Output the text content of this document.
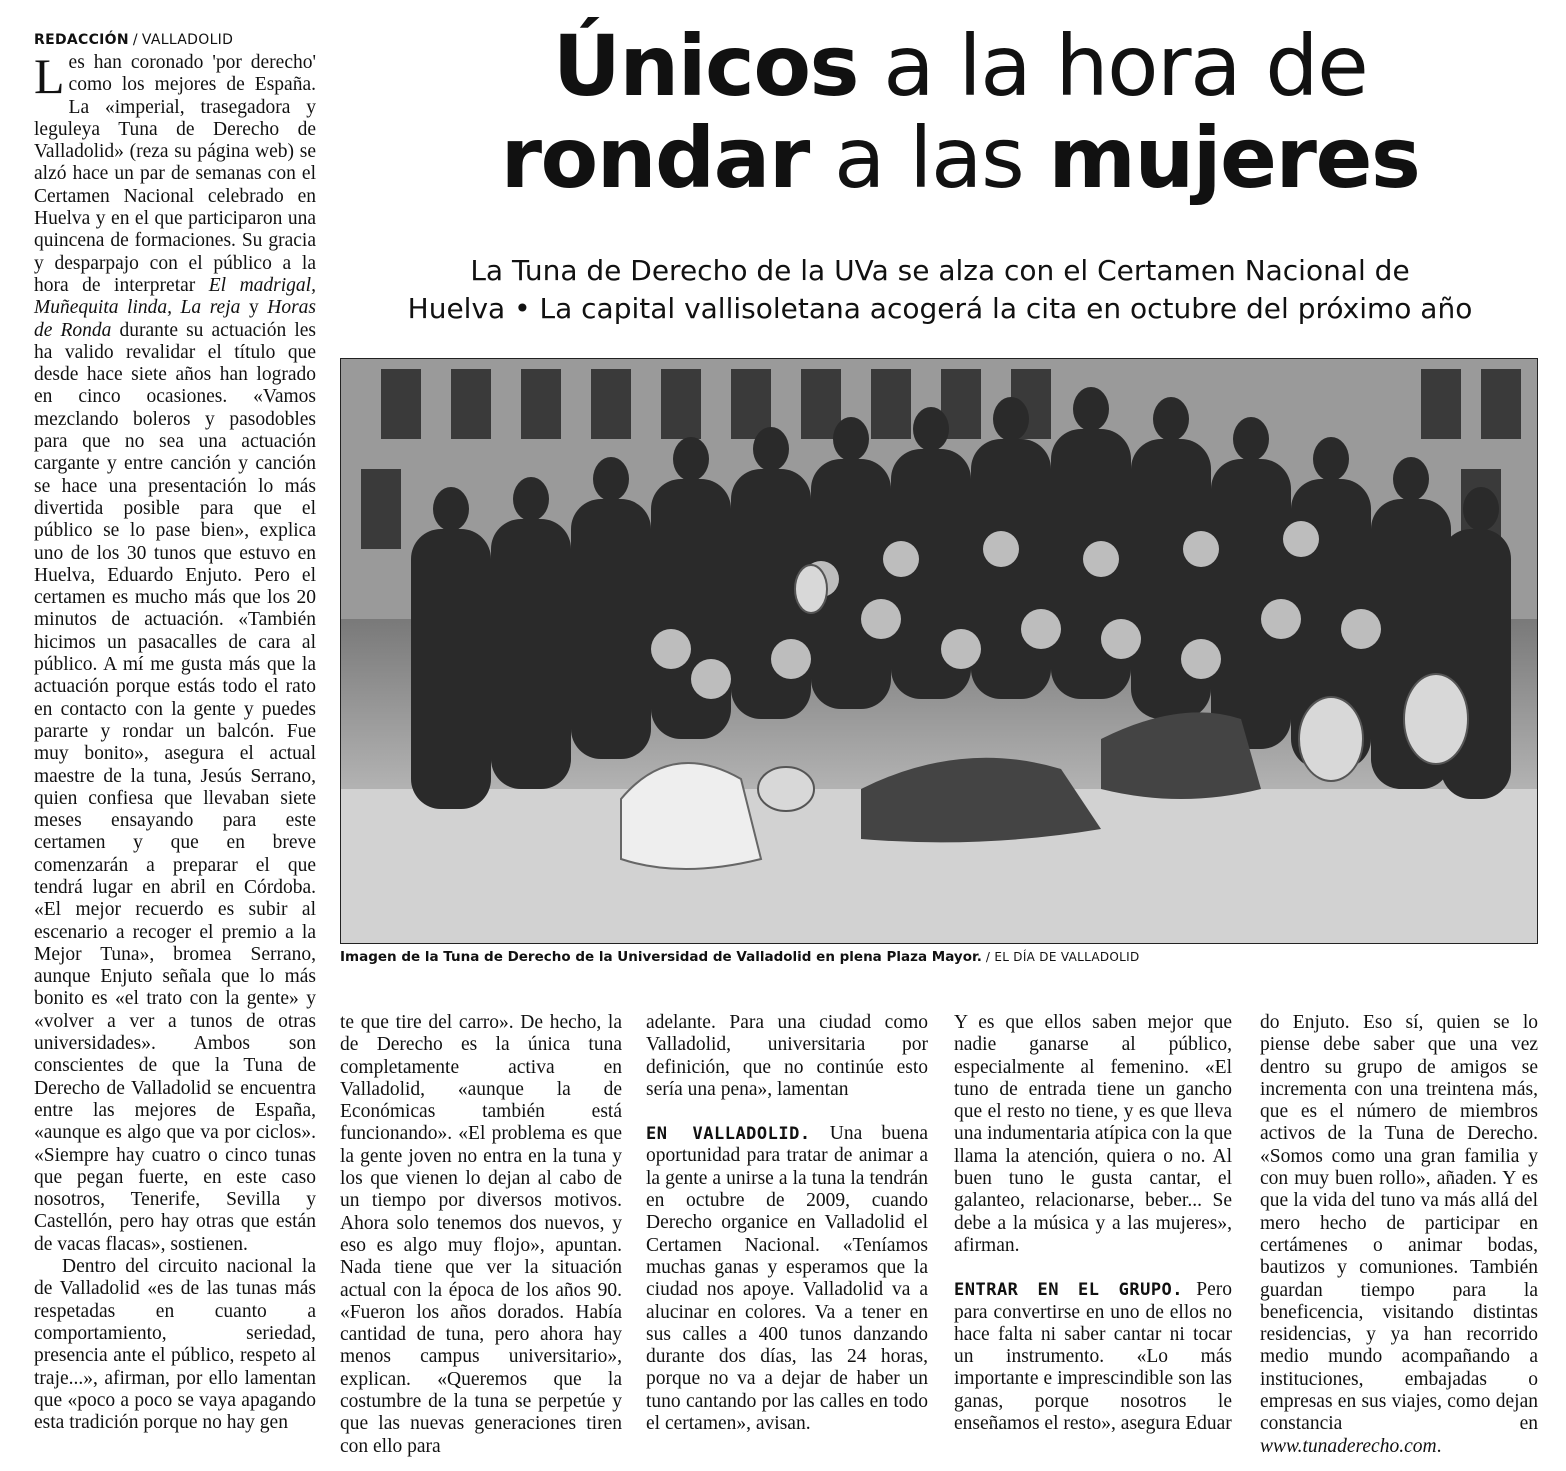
REDACCIÓN / VALLADOLID

Les han coronado 'por derecho' como los mejores de España. La «imperial, trasegadora y leguleya Tuna de Derecho de Valladolid» (reza su página web) se alzó hace un par de semanas con el Certamen Nacional celebrado en Huelva y en el que participaron una quincena de formaciones. Su gracia y desparpajo con el público a la hora de interpretar El madrigal, Muñequita linda, La reja y Horas de Ronda durante su actuación les ha valido revalidar el título que desde hace siete años han logrado en cinco ocasiones. «Vamos mezclando boleros y pasodobles para que no sea una actuación cargante y entre canción y canción se hace una presentación lo más divertida posible para que el público se lo pase bien», explica uno de los 30 tunos que estuvo en Huelva, Eduardo Enjuto. Pero el certamen es mucho más que los 20 minutos de actuación. «También hicimos un pasacalles de cara al público. A mí me gusta más que la actuación porque estás todo el rato en contacto con la gente y puedes pararte y rondar un balcón. Fue muy bonito», asegura el actual maestre de la tuna, Jesús Serrano, quien confiesa que llevaban siete meses ensayando para este certamen y que en breve comenzarán a preparar el que tendrá lugar en abril en Córdoba. «El mejor recuerdo es subir al escenario a recoger el premio a la Mejor Tuna», bromea Serrano, aunque Enjuto señala que lo más bonito es «el trato con la gente» y «volver a ver a tunos de otras universidades». Ambos son conscientes de que la Tuna de Derecho de Valladolid se encuentra entre las mejores de España, «aunque es algo que va por ciclos». «Siempre hay cuatro o cinco tunas que pegan fuerte, en este caso nosotros, Tenerife, Sevilla y Castellón, pero hay otras que están de vacas flacas», sostienen.

Dentro del circuito nacional la de Valladolid «es de las tunas más respetadas en cuanto a comportamiento, seriedad, presencia ante el público, respeto al traje...», afirman, por ello lamentan que «poco a poco se vaya apagando esta tradición porque no hay gen

Únicos a la hora de
rondar a las mujeres
La Tuna de Derecho de la UVa se alza con el Certamen Nacional de
Huelva • La capital vallisoletana acogerá la cita en octubre del próximo año
Imagen de la Tuna de Derecho de la Universidad de Valladolid en plena Plaza Mayor. / EL DÍA DE VALLADOLID

te que tire del carro». De hecho, la de Derecho es la única tuna completamente activa en Valladolid, «aunque la de Económicas también está funcionando». «El problema es que la gente joven no entra en la tuna y los que vienen lo dejan al cabo de un tiempo por diversos motivos. Ahora solo tenemos dos nuevos, y eso es algo muy flojo», apuntan. Nada tiene que ver la situación actual con la época de los años 90. «Fueron los años dorados. Había cantidad de tuna, pero ahora hay menos campus universitario», explican. «Queremos que la costumbre de la tuna se perpetúe y que las nuevas generaciones tiren con ello para

adelante. Para una ciudad como Valladolid, universitaria por definición, que no continúe esto sería una pena», lamentan

EN VALLADOLID. Una buena oportunidad para tratar de animar a la gente a unirse a la tuna la tendrán en octubre de 2009, cuando Derecho organice en Valladolid el Certamen Nacional. «Teníamos muchas ganas y esperamos que la ciudad nos apoye. Valladolid va a alucinar en colores. Va a tener en sus calles a 400 tunos danzando durante dos días, las 24 horas, porque no va a dejar de haber un tuno cantando por las calles en todo el certamen», avisan.

Y es que ellos saben mejor que nadie ganarse al público, especialmente al femenino. «El tuno de entrada tiene un gancho que el resto no tiene, y es que lleva una indumentaria atípica con la que llama la atención, quiera o no. Al buen tuno le gusta cantar, el galanteo, relacionarse, beber... Se debe a la música y a las mujeres», afirman.

ENTRAR EN EL GRUPO. Pero para convertirse en uno de ellos no hace falta ni saber cantar ni tocar un instrumento. «Lo más importante e imprescindible son las ganas, porque nosotros le enseñamos el resto», asegura Eduar

do Enjuto. Eso sí, quien se lo piense debe saber que una vez dentro su grupo de amigos se incrementa con una treintena más, que es el número de miembros activos de la Tuna de Derecho. «Somos como una gran familia y con muy buen rollo», añaden. Y es que la vida del tuno va más allá del mero hecho de participar en certámenes o animar bodas, bautizos y comuniones. También guardan tiempo para la beneficencia, visitando distintas residencias, y ya han recorrido medio mundo acompañando a instituciones, embajadas o empresas en sus viajes, como dejan constancia en www.tunaderecho.com.
